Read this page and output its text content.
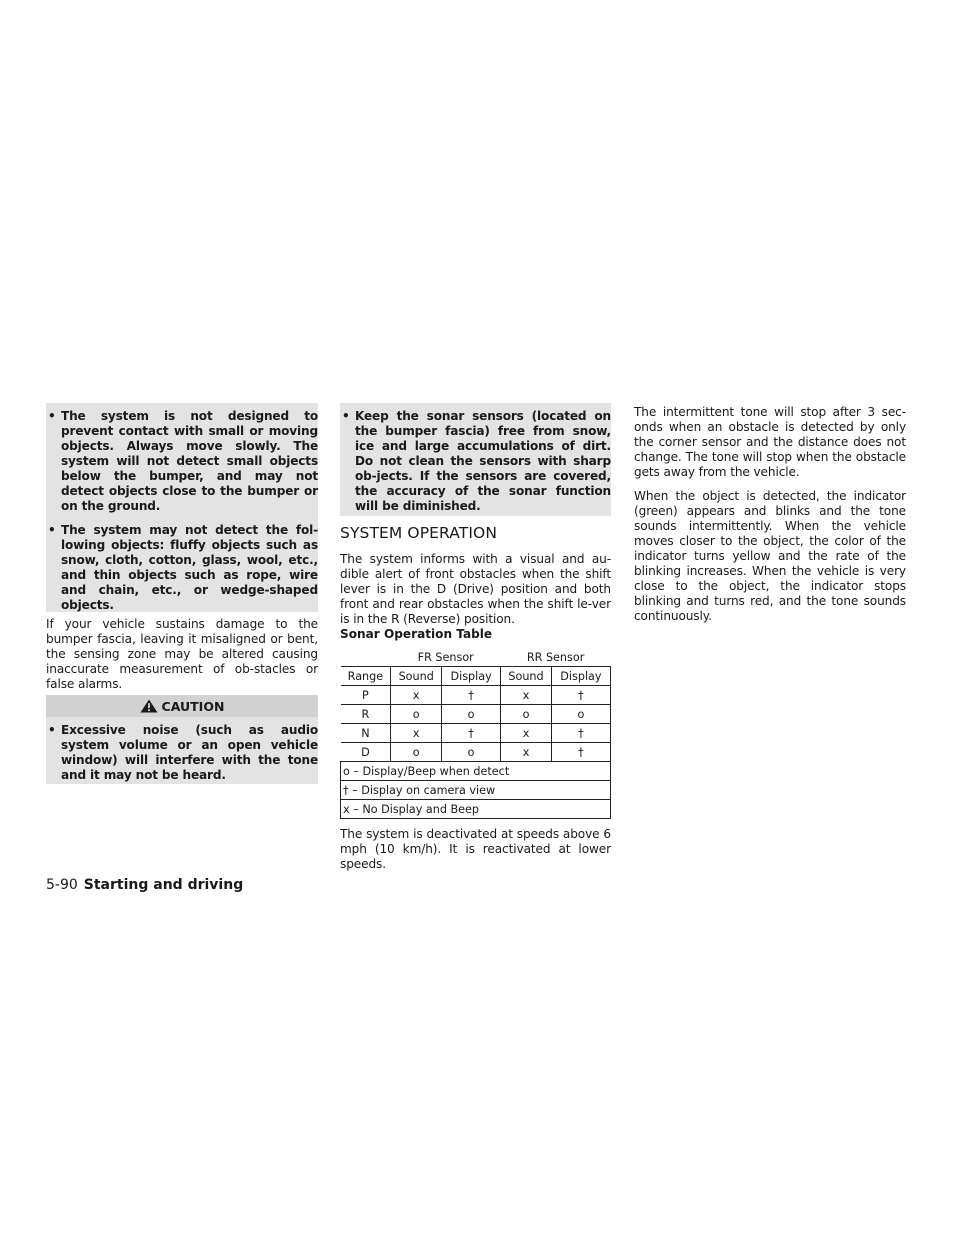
• The system is not designed to prevent contact with small or moving objects. Always move slowly. The system will not detect small objects below the bumper, and may not detect objects close to the bumper or on the ground.
• The system may not detect the fol-lowing objects: fluffy objects such as snow, cloth, cotton, glass, wool, etc., and thin objects such as rope, wire and chain, etc., or wedge-shaped objects.

If your vehicle sustains damage to the bumper fascia, leaving it misaligned or bent, the sensing zone may be altered causing inaccurate measurement of ob-stacles or false alarms.

CAUTION
• Excessive noise (such as audio system volume or an open vehicle window) will interfere with the tone and it may not be heard.
• Keep the sonar sensors (located on the bumper fascia) free from snow, ice and large accumulations of dirt. Do not clean the sensors with sharp ob-jects. If the sensors are covered, the accuracy of the sonar function will be diminished.
SYSTEM OPERATION

The system informs with a visual and au-dible alert of front obstacles when the shift lever is in the D (Drive) position and both front and rear obstacles when the shift le-ver is in the R (Reverse) position.

Sonar Operation Table
	FR Sensor		RR Sensor	
Range	Sound	Display	Sound	Display
P	x	†	x	†
R	o	o	o	o
N	x	†	x	†
D	o	o	x	†
o – Display/Beep when detect				
† – Display on camera view				
x – No Display and Beep				

The system is deactivated at speeds above 6 mph (10 km/h). It is reactivated at lower speeds.

The intermittent tone will stop after 3 sec-onds when an obstacle is detected by only the corner sensor and the distance does not change. The tone will stop when the obstacle gets away from the vehicle.

When the object is detected, the indicator (green) appears and blinks and the tone sounds intermittently. When the vehicle moves closer to the object, the color of the indicator turns yellow and the rate of the blinking increases. When the vehicle is very close to the object, the indicator stops blinking and turns red, and the tone sounds continuously.

5-90 Starting and driving
